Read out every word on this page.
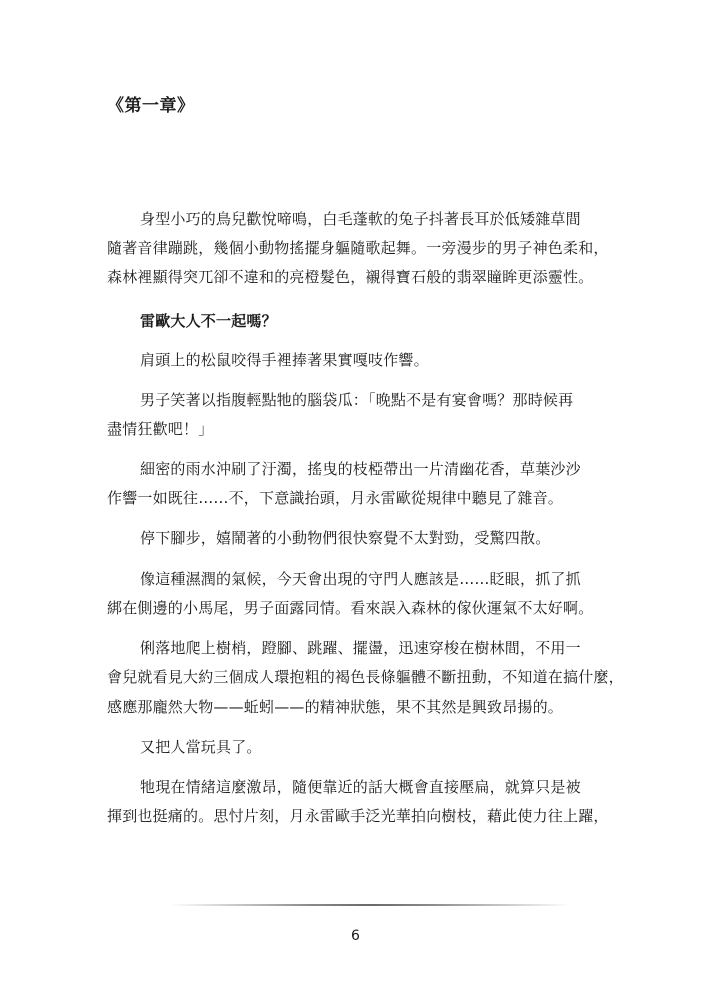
《第一章》
身型小巧的鳥兒歡悅啼鳴，白毛蓬軟的兔子抖著長耳於低矮雜草間
隨著音律蹦跳，幾個小動物搖擺身軀隨歌起舞。一旁漫步的男子神色柔和，
森林裡顯得突兀卻不違和的亮橙髮色，襯得寶石般的翡翠瞳眸更添靈性。
雷歐大人不一起嗎？
肩頭上的松鼠咬得手裡捧著果實嘎吱作響。
男子笑著以指腹輕點牠的腦袋瓜：「晚點不是有宴會嗎？那時候再
盡情狂歡吧！」
細密的雨水沖刷了汙濁，搖曳的枝椏帶出一片清幽花香，草葉沙沙
作響一如既往……不，下意識抬頭，月永雷歐從規律中聽見了雜音。
停下腳步，嬉鬧著的小動物們很快察覺不太對勁，受驚四散。
像這種濕潤的氣候，今天會出現的守門人應該是……眨眼，抓了抓
綁在側邊的小馬尾，男子面露同情。看來誤入森林的傢伙運氣不太好啊。
俐落地爬上樹梢，蹬腳、跳躍、擺盪，迅速穿梭在樹林間，不用一
會兒就看見大約三個成人環抱粗的褐色長條軀體不斷扭動，不知道在搞什麼，
感應那龐然大物——蚯蚓——的精神狀態，果不其然是興致昂揚的。
又把人當玩具了。
牠現在情緒這麼激昂，隨便靠近的話大概會直接壓扁，就算只是被
揮到也挺痛的。思忖片刻，月永雷歐手泛光華拍向樹枝，藉此使力往上躍，
6
